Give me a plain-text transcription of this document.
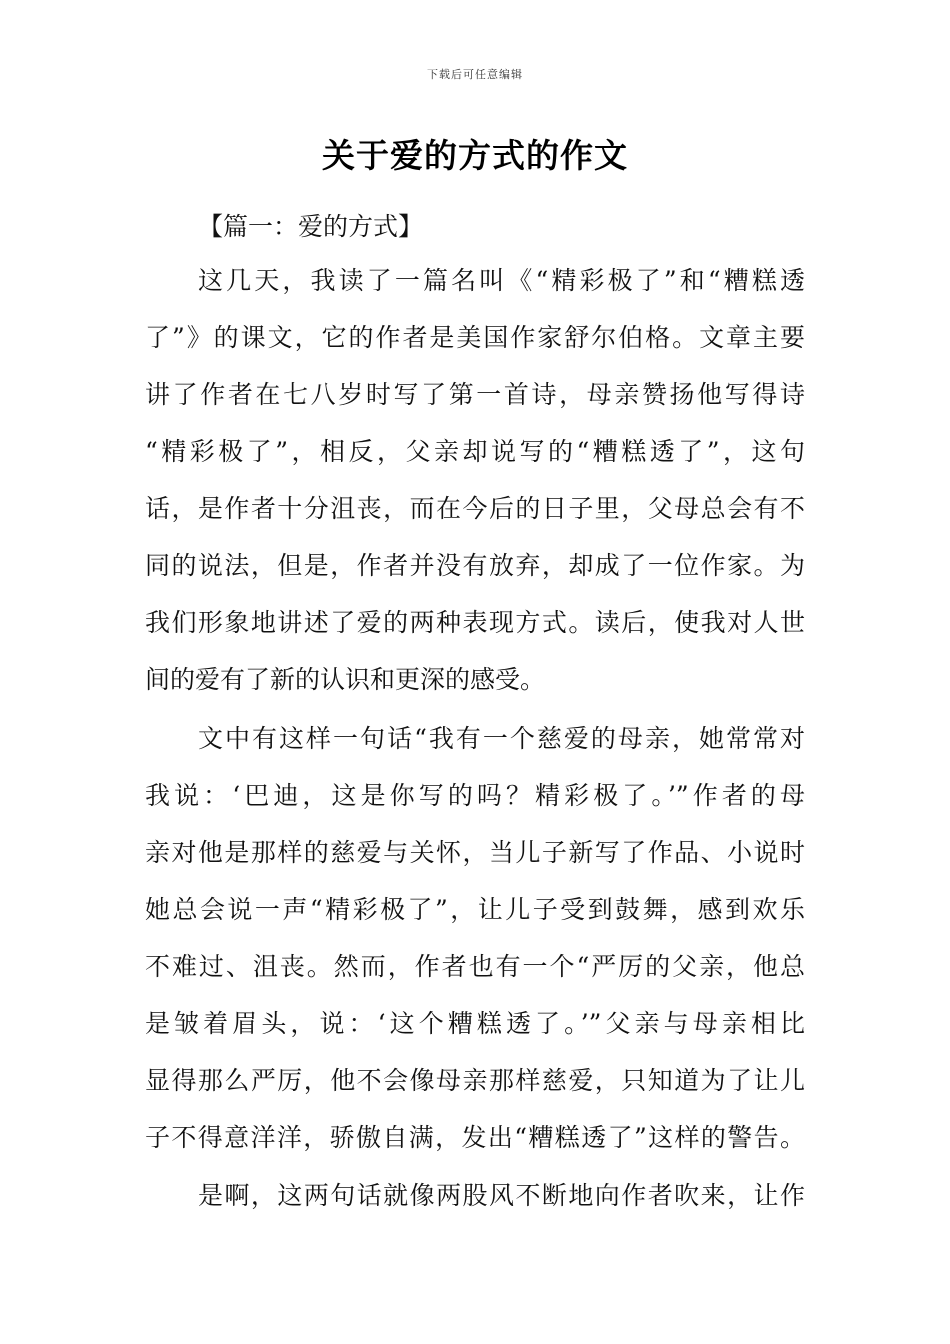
下载后可任意编辑
关于爱的方式的作文
【篇一：爱的方式】
这几天，我读了一篇名叫《“精彩极了”和“糟糕透
了”》的课文，它的作者是美国作家舒尔伯格。文章主要
讲了作者在七八岁时写了第一首诗，母亲赞扬他写得诗
“精彩极了”，相反，父亲却说写的“糟糕透了”，这句
话，是作者十分沮丧，而在今后的日子里，父母总会有不
同的说法，但是，作者并没有放弃，却成了一位作家。为
我们形象地讲述了爱的两种表现方式。读后，使我对人世
间的爱有了新的认识和更深的感受。
文中有这样一句话“我有一个慈爱的母亲，她常常对
我说：‘巴迪，这是你写的吗？精彩极了。’”作者的母
亲对他是那样的慈爱与关怀，当儿子新写了作品、小说时
她总会说一声“精彩极了”，让儿子受到鼓舞，感到欢乐
不难过、沮丧。然而，作者也有一个“严厉的父亲，他总
是皱着眉头，说：‘这个糟糕透了。’”父亲与母亲相比
显得那么严厉，他不会像母亲那样慈爱，只知道为了让儿
子不得意洋洋，骄傲自满，发出“糟糕透了”这样的警告。
是啊，这两句话就像两股风不断地向作者吹来，让作
